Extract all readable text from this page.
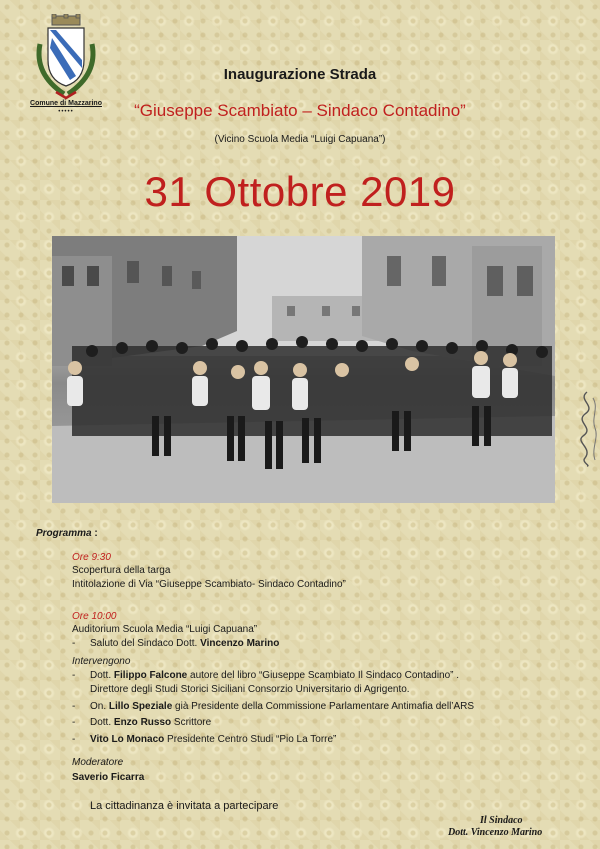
Comune di Mazzarino
•••••
Inaugurazione Strada
“Giuseppe Scambiato – Sindaco Contadino”
(Vicino Scuola Media “Luigi Capuana”)
31 Ottobre 2019
Programma :
Ore 9:30
Scopertura della targa
Intitolazione di Via “Giuseppe Scambiato- Sindaco Contadino”
Ore 10:00
Auditorium Scuola Media “Luigi Capuana”
- Saluto del Sindaco Dott. Vincenzo Marino
Intervengono
- Dott. Filippo Falcone autore del libro “Giuseppe Scambiato Il Sindaco Contadino” .
Direttore degli Studi Storici Siciliani Consorzio Universitario di Agrigento.
- On. Lillo Speziale già Presidente della Commissione Parlamentare Antimafia dell’ARS
- Dott. Enzo Russo Scrittore
- Vito Lo Monaco Presidente Centro Studi “Pio La Torre”
Moderatore
Saverio Ficarra
La cittadinanza è invitata a partecipare
Il Sindaco
Dott. Vincenzo Marino
